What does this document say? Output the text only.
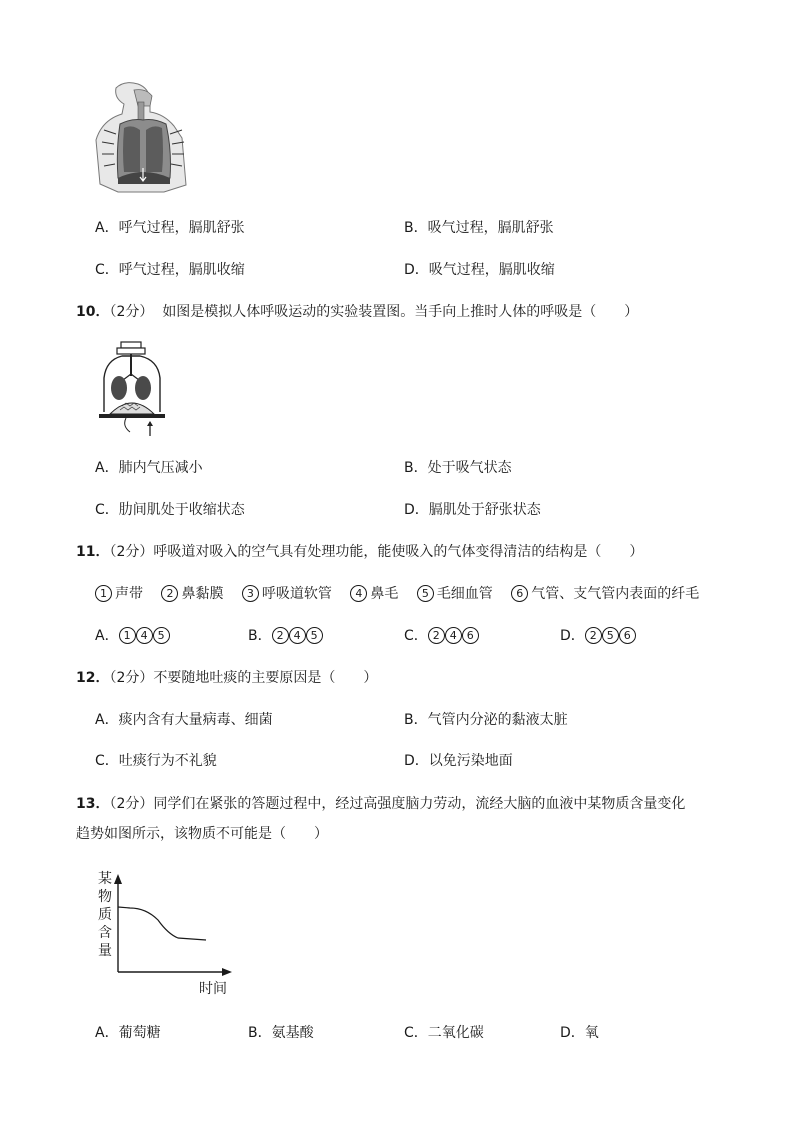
A．呼气过程，膈肌舒张	B．吸气过程，膈肌舒张
C．呼气过程，膈肌收缩	D．吸气过程，膈肌收缩
10．（2分） 如图是模拟人体呼吸运动的实验装置图。当手向上推时人体的呼吸是（　　）
A．肺内气压减小	B．处于吸气状态
C．肋间肌处于收缩状态	D．膈肌处于舒张状态
11．（2分）呼吸道对吸入的空气具有处理功能，能使吸入的气体变得清洁的结构是（　　）
1 声带 2 鼻黏膜 3 呼吸道软管 4 鼻毛 5 毛细血管 6 气管、支气管内表面的纤毛
A． 1 4 5	B． 2 4 5	C． 2 4 6	D． 2 5 6
12．（2分）不要随地吐痰的主要原因是（　　）
A．痰内含有大量病毒、细菌	B．气管内分泌的黏液太脏
C．吐痰行为不礼貌	D．以免污染地面
13．（2分）同学们在紧张的答题过程中，经过高强度脑力劳动，流经大脑的血液中某物质含量变化
趋势如图所示，该物质不可能是（　　）
某
物
质
含
量
时间
A．葡萄糖	B．氨基酸	C．二氧化碳	D．氧
